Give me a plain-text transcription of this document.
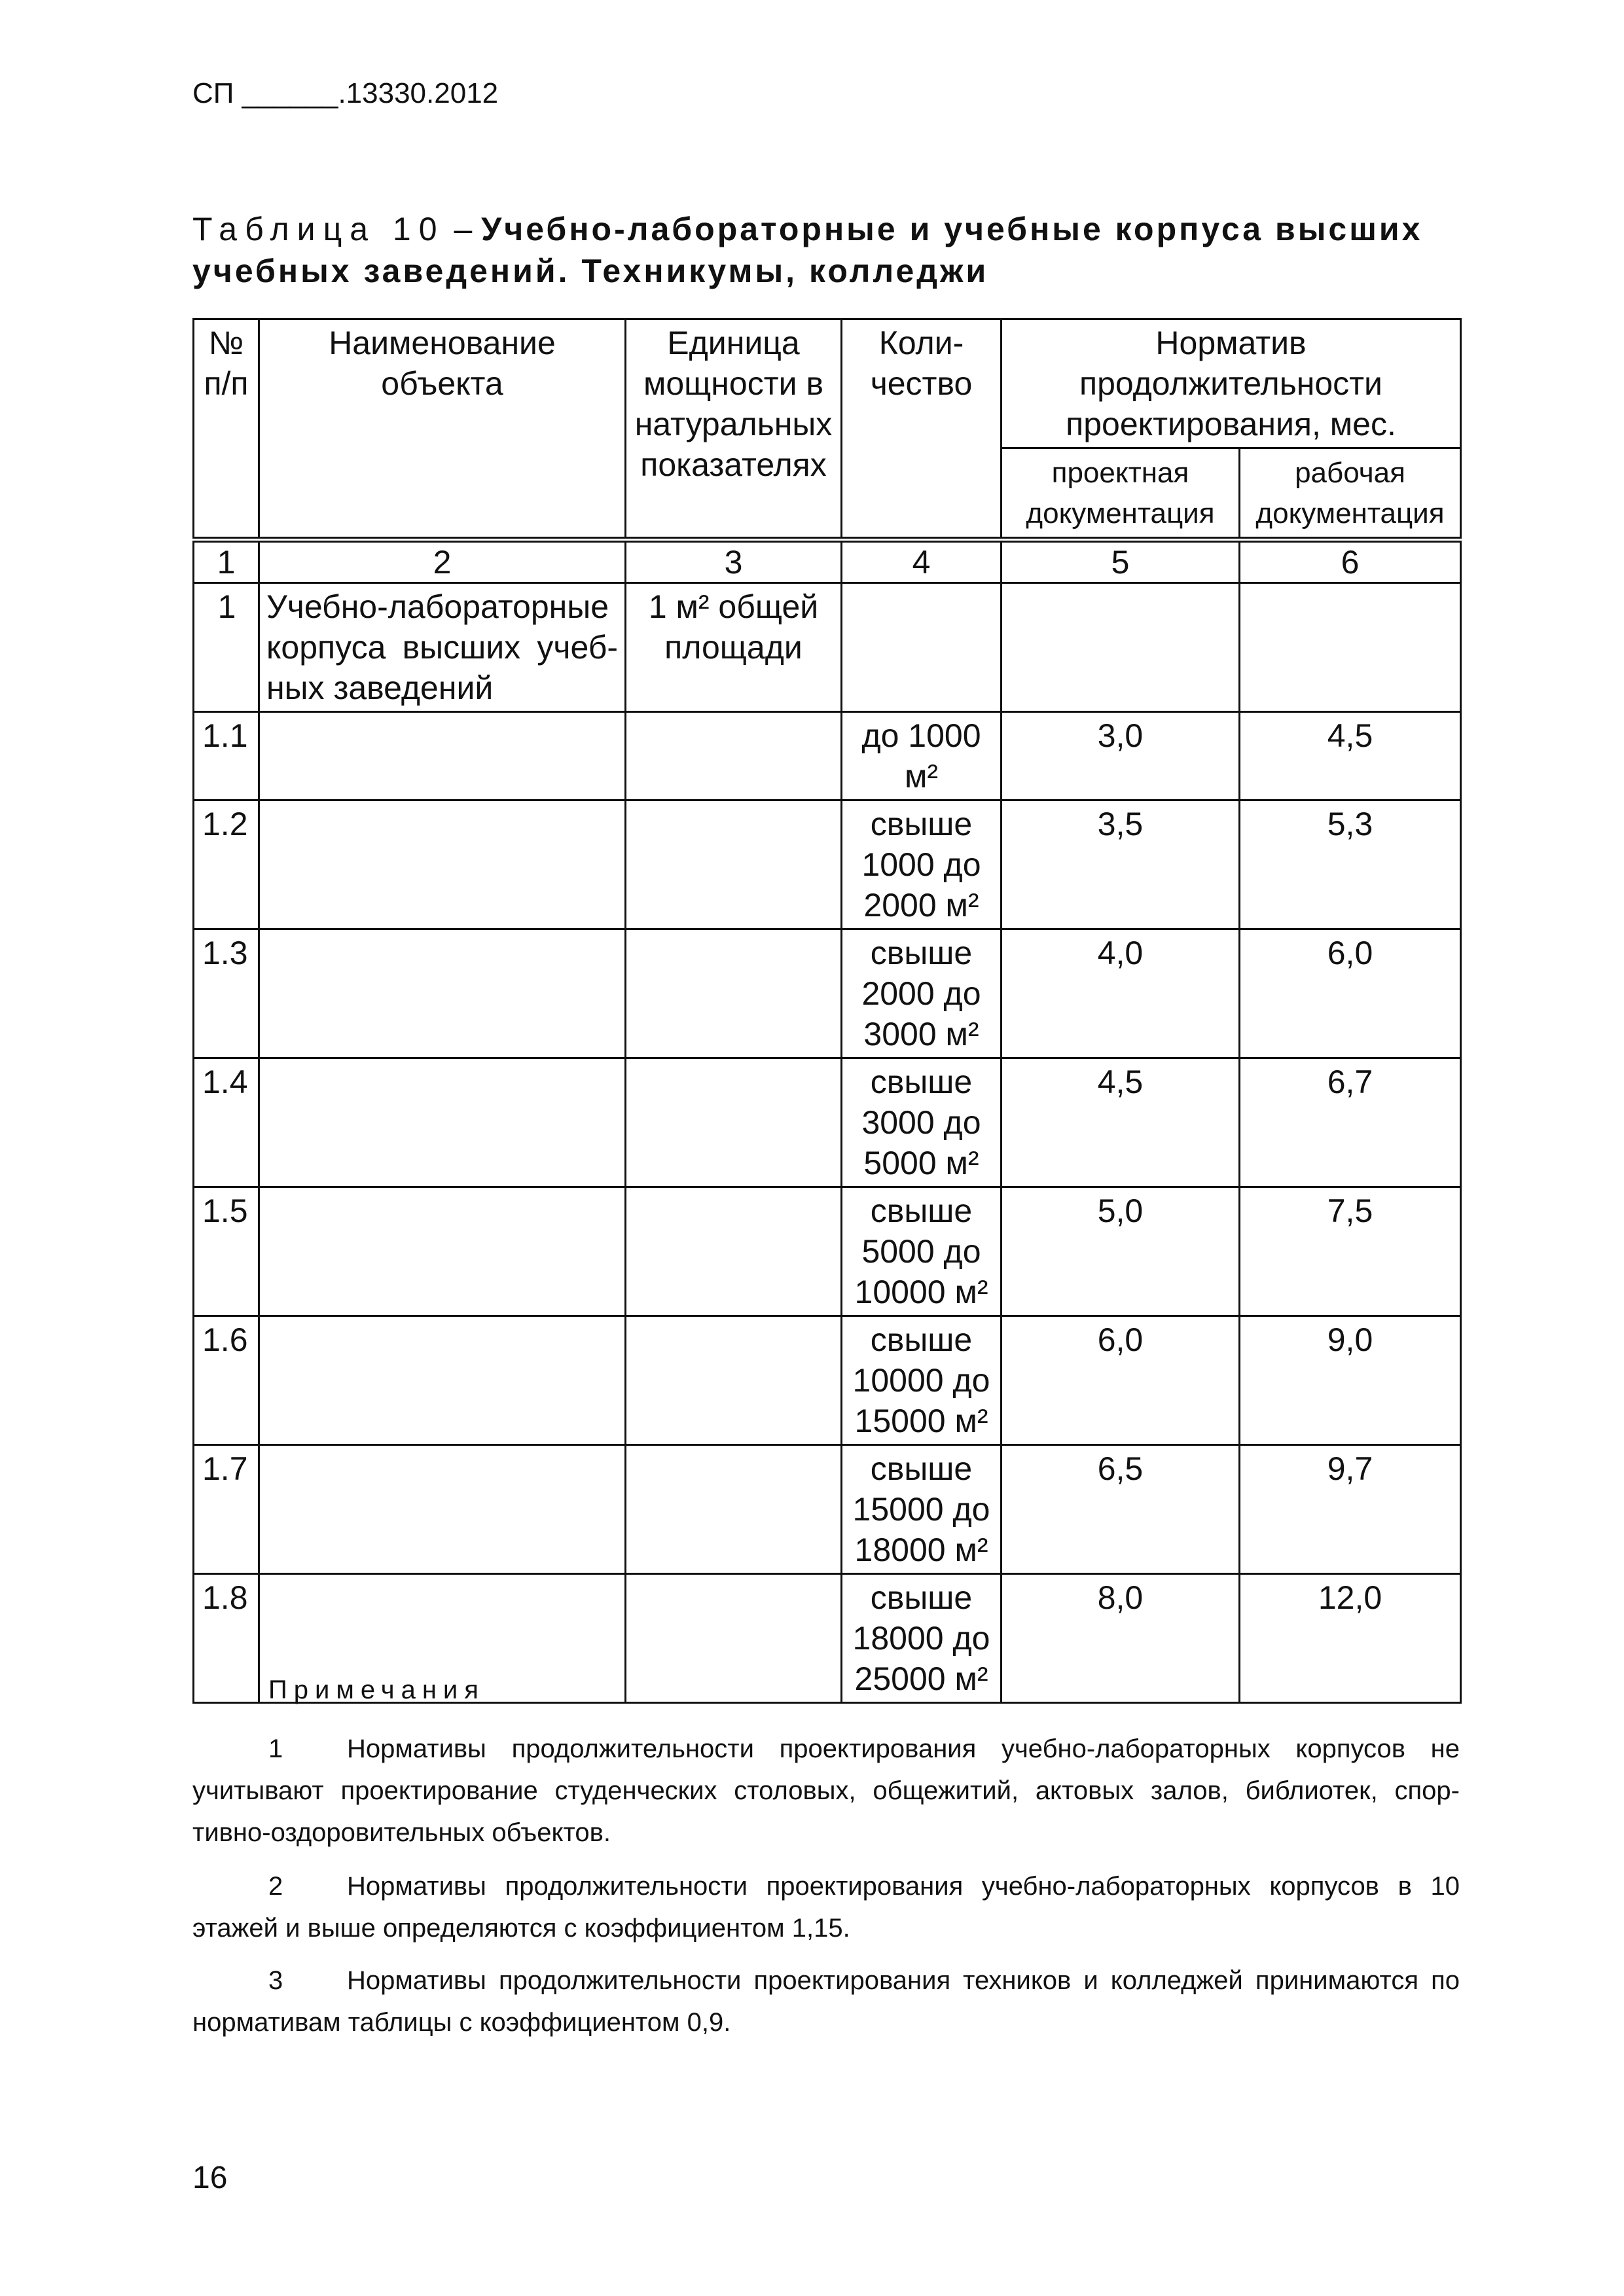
СП ______.13330.2012
Таблица 10 – Учебно-лабораторные и учебные корпуса высших учебных заведений. Техникумы, колледжи
№ п/п	Наименование объекта	Единица мощности в натуральных показателях	Коли-чество	Норматив продолжительности проектирования, мес.	
				проектная документация	рабочая документация
1	2	3	4	5	6
1	Учебно-лабораторные корпуса высших учеб-ных заведений	1 м² общей площади			
1.1			до 1000 м²	3,0	4,5
1.2			свыше 1000 до 2000 м²	3,5	5,3
1.3			свыше 2000 до 3000 м²	4,0	6,0
1.4			свыше 3000 до 5000 м²	4,5	6,7
1.5			свыше 5000 до 10000 м²	5,0	7,5
1.6			свыше 10000 до 15000 м²	6,0	9,0
1.7			свыше 15000 до 18000 м²	6,5	9,7
1.8			свыше 18000 до 25000 м²	8,0	12,0
Примечания
1 Нормативы продолжительности проектирования учебно-лабораторных корпусов не учитывают проектирование студенческих столовых, общежитий, актовых залов, библиотек, спор-тивно-оздоровительных объектов.
2 Нормативы продолжительности проектирования учебно-лабораторных корпусов в 10 этажей и выше определяются с коэффициентом 1,15.
3 Нормативы продолжительности проектирования техников и колледжей принимаются по нормативам таблицы с коэффициентом 0,9.
16
